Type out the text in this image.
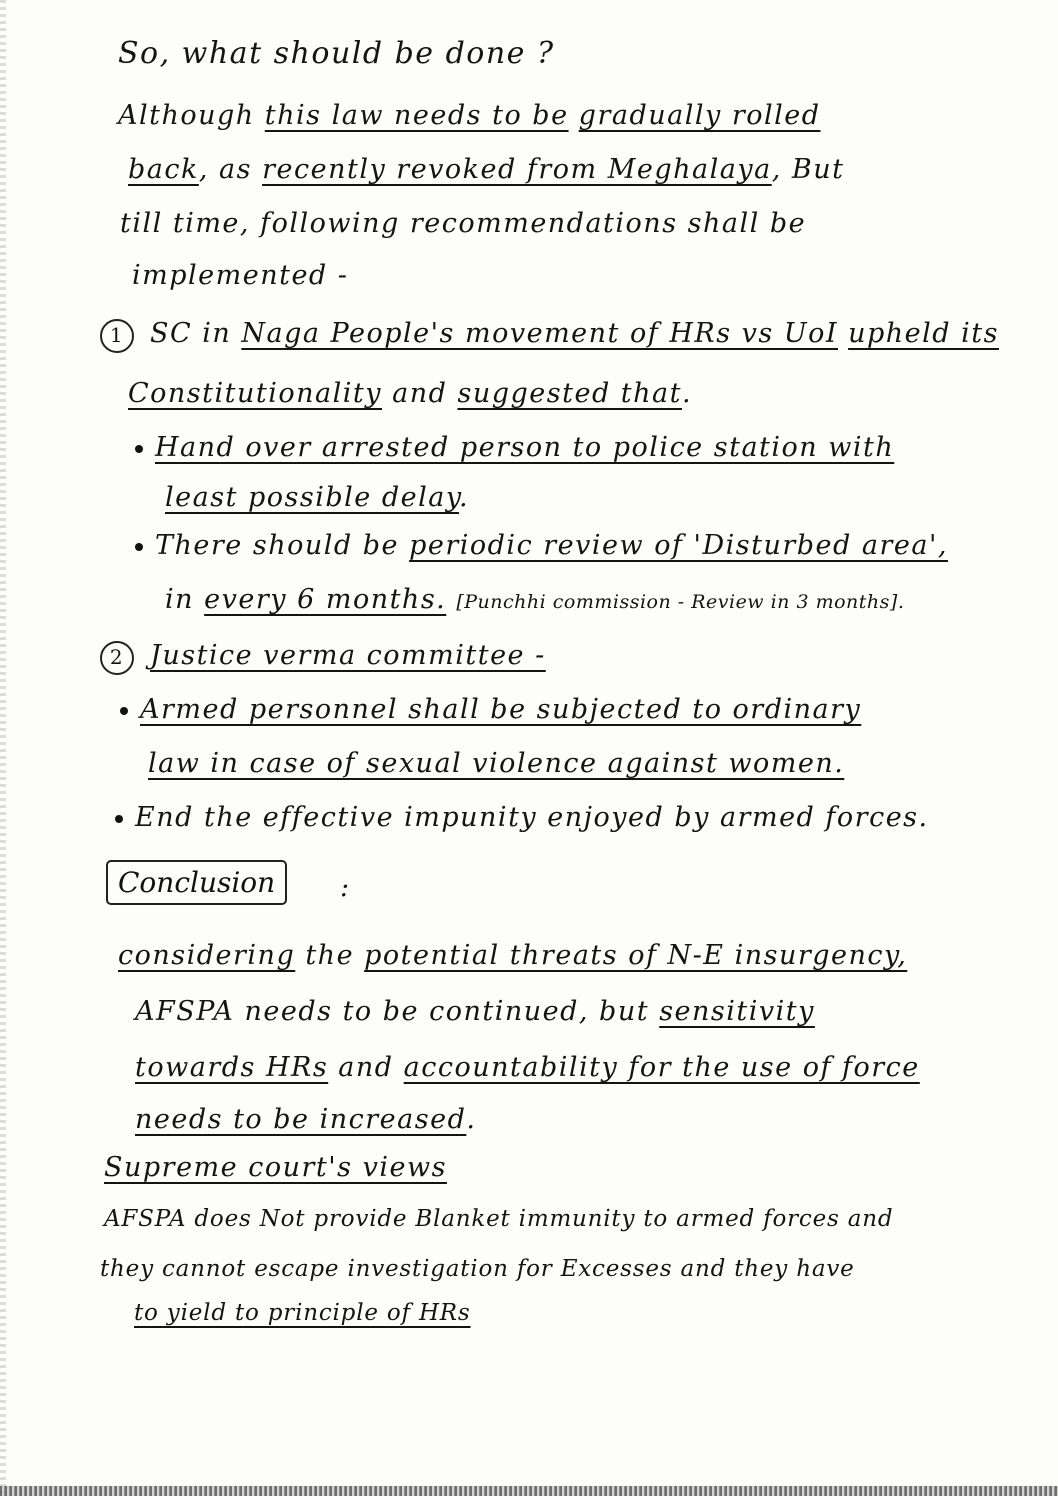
So, what should be done ?
Although this law needs to be gradually rolled
back, as recently revoked from Meghalaya, But
till time, following recommendations shall be
implemented -
1 SC in Naga People's movement of HRs vs UoI upheld its
Constitutionality and suggested that.
Hand over arrested person to police station with
least possible delay.
There should be periodic review of 'Disturbed area',
in every 6 months. [Punchhi commission - Review in 3 months].
2 Justice verma committee -
Armed personnel shall be subjected to ordinary
law in case of sexual violence against women.
End the effective impunity enjoyed by armed forces.
Conclusion	:
considering the potential threats of N-E insurgency,
AFSPA needs to be continued, but sensitivity
towards HRs and accountability for the use of force
needs to be increased.
Supreme court's views
AFSPA does Not provide Blanket immunity to armed forces and
they cannot escape investigation for Excesses and they have
to yield to principle of HRs
